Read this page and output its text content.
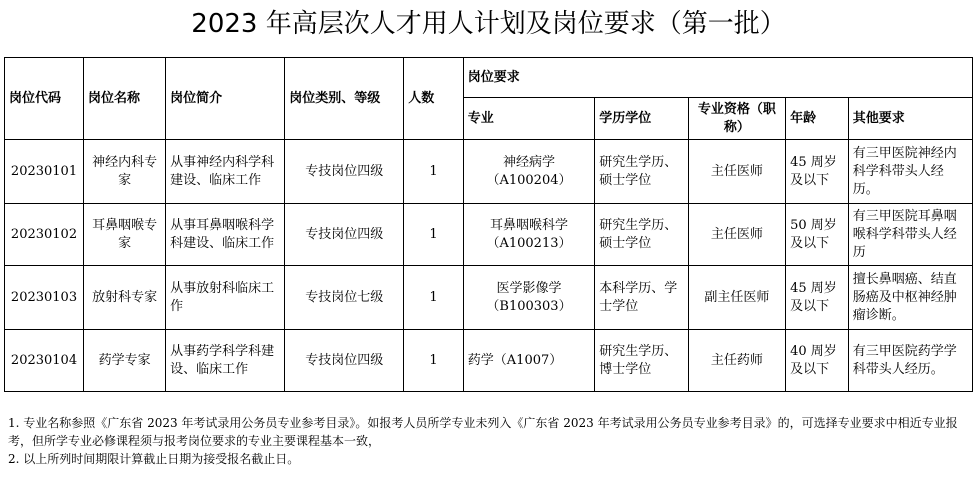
2023 年高层次人才用人计划及岗位要求（第一批）
岗位代码	岗位名称	岗位简介	岗位类别、等级	人数	岗位要求				
					专业	学历学位	专业资格（职称）	年龄	其他要求
20230101	神经内科专家	从事神经内科学科建设、临床工作	专技岗位四级	1	神经病学（A100204）	研究生学历、硕士学位	主任医师	45 周岁及以下	有三甲医院神经内科学科带头人经历。
20230102	耳鼻咽喉专家	从事耳鼻咽喉科学科建设、临床工作	专技岗位四级	1	耳鼻咽喉科学（A100213）	研究生学历、硕士学位	主任医师	50 周岁及以下	有三甲医院耳鼻咽喉科学科带头人经历
20230103	放射科专家	从事放射科临床工作	专技岗位七级	1	医学影像学（B100303）	本科学历、学士学位	副主任医师	45 周岁及以下	擅长鼻咽癌、结直肠癌及中枢神经肿瘤诊断。
20230104	药学专家	从事药学科学科建设、临床工作	专技岗位四级	1	药学（A1007）	研究生学历、博士学位	主任药师	40 周岁及以下	有三甲医院药学学科带头人经历。
1. 专业名称参照《广东省 2023 年考试录用公务员专业参考目录》。如报考人员所学专业未列入《广东省 2023 年考试录用公务员专业参考目录》的，可选择专业要求中相近专业报考，但所学专业必修课程须与报考岗位要求的专业主要课程基本一致，
2. 以上所列时间期限计算截止日期为接受报名截止日。
